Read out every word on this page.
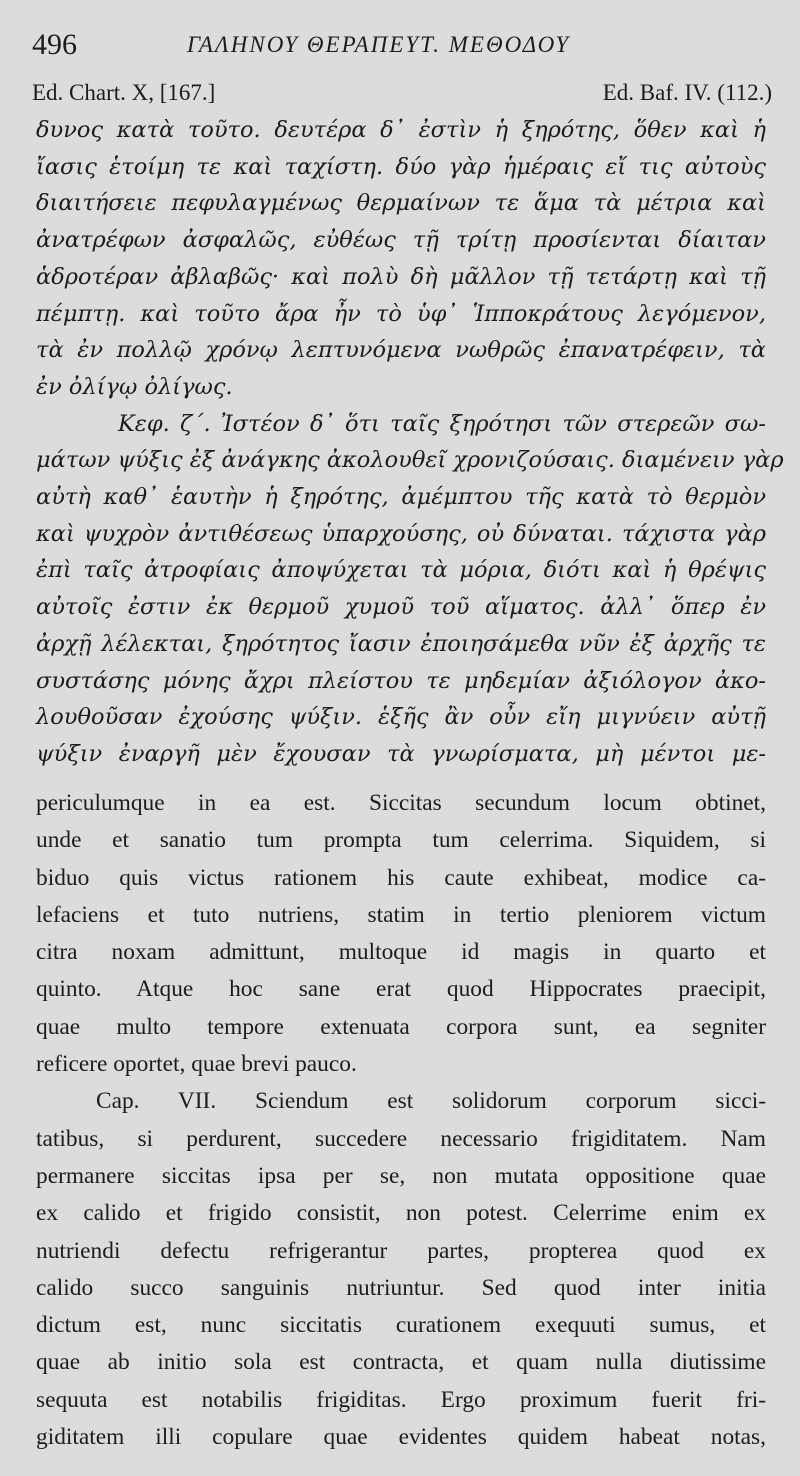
496	ΓΑΛΗΝΟΥ ΘΕΡΑΠΕΥΤ. ΜΕΘΟΔΟΥ
Ed. Chart. X, [167.]	Ed. Baf. IV. (112.)
δυνος κατὰ τοῦτο. δευτέρα δ᾽ ἐστὶν ἡ ξηρότης, ὅθεν καὶ ἡ
ἴασις ἑτοίμη τε καὶ ταχίστη. δύο γὰρ ἡμέραις εἴ τις αὐτοὺς
διαιτήσειε πεφυλαγμένως θερμαίνων τε ἅμα τὰ μέτρια καὶ
ἀνατρέφων ἀσφαλῶς, εὐθέως τῇ τρίτῃ προσίενται δίαιταν
ἁδροτέραν ἀβλαβῶς· καὶ πολὺ δὴ μᾶλλον τῇ τετάρτῃ καὶ τῇ
πέμπτῃ. καὶ τοῦτο ἄρα ἦν τὸ ὑφ᾽ Ἱπποκράτους λεγόμενον,
τὰ ἐν πολλῷ χρόνῳ λεπτυνόμενα νωθρῶς ἐπανατρέφειν, τὰ
ἐν ὀλίγῳ ὀλίγως.
Κεφ. ζ΄. Ἰστέον δ᾽ ὅτι ταῖς ξηρότησι τῶν στερεῶν σω-
μάτων ψύξις ἐξ ἀνάγκης ἀκολουθεῖ χρονιζούσαις. διαμένειν γὰρ
αὐτὴ καθ᾽ ἑαυτὴν ἡ ξηρότης, ἀμέμπτου τῆς κατὰ τὸ θερμὸν
καὶ ψυχρὸν ἀντιθέσεως ὑπαρχούσης, οὐ δύναται. τάχιστα γὰρ
ἐπὶ ταῖς ἀτροφίαις ἀποψύχεται τὰ μόρια, διότι καὶ ἡ θρέψις
αὐτοῖς ἐστιν ἐκ θερμοῦ χυμοῦ τοῦ αἵματος. ἀλλ᾽ ὅπερ ἐν
ἀρχῇ λέλεκται, ξηρότητος ἴασιν ἐποιησάμεθα νῦν ἐξ ἀρχῆς τε
συστάσης μόνης ἄχρι πλείστου τε μηδεμίαν ἀξιόλογον ἀκο-
λουθοῦσαν ἐχούσης ψύξιν. ἑξῆς ἂν οὖν εἴη μιγνύειν αὐτῇ
ψύξιν ἐναργῆ μὲν ἔχουσαν τὰ γνωρίσματα, μὴ μέντοι με-
periculumque in ea est. Siccitas secundum locum obtinet,
unde et sanatio tum prompta tum celerrima. Siquidem, si
biduo quis victus rationem his caute exhibeat, modice ca-
lefaciens et tuto nutriens, statim in tertio pleniorem victum
citra noxam admittunt, multoque id magis in quarto et
quinto. Atque hoc sane erat quod Hippocrates praecipit,
quae multo tempore extenuata corpora sunt, ea segniter
reficere oportet, quae brevi pauco.
Cap. VII. Sciendum est solidorum corporum sicci-
tatibus, si perdurent, succedere necessario frigiditatem. Nam
permanere siccitas ipsa per se, non mutata oppositione quae
ex calido et frigido consistit, non potest. Celerrime enim ex
nutriendi defectu refrigerantur partes, propterea quod ex
calido succo sanguinis nutriuntur. Sed quod inter initia
dictum est, nunc siccitatis curationem exequuti sumus, et
quae ab initio sola est contracta, et quam nulla diutissime
sequuta est notabilis frigiditas. Ergo proximum fuerit fri-
giditatem illi copulare quae evidentes quidem habeat notas,
